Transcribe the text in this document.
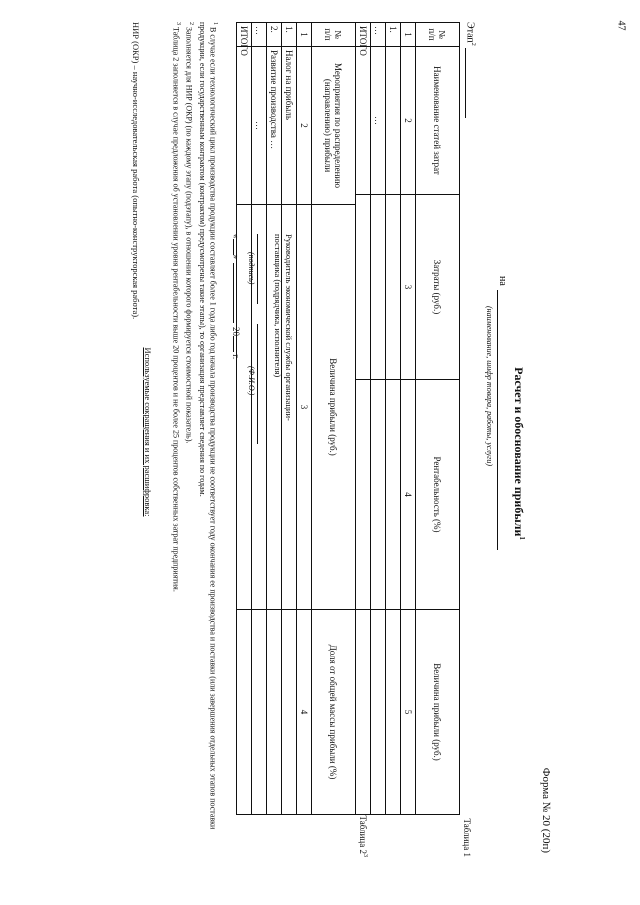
47
Форма № 20 (20п)
Расчет и обоснование прибыли$^1$
на
(наименование, шифр товара, работы, услуги)
Этап$^2$
Таблица 1
№ п/п	Наименование статей затрат	Затраты (руб.)	Рентабельность (%)	Величина прибыли (руб.)
1	2	3	4	5
1.				
…	…			
ИТОГО				
Таблица $2^3$
№ п/п	Мероприятия по распределению (направлению) прибыли	Величина прибыли (руб.)	Доля от общей массы прибыли (%)
1	2	3	4
1.	Налог на прибыль		
2.	Развитие производства …		
…	…		
ИТОГО			
Руководитель экономической службы организации-поставщика (подрядчика, исполнителя)
(подпись)
(Ф.И.О.)
«»20 г.

$^1$ В случае если технологический цикл производства продукции составляет более 1 года либо год начала производства продукции не соответствует году окончания ее производства и поставки (или завершения отдельных этапов поставки продукции, если государственным контрактом (контрактом) предусмотрены такие этапы), то организация представляет сведения по годам.

$^2$ Заполняется для НИР (ОКР) (по каждому этапу (подэтапу), в отношении которого формируется стоимостной показатель).

$^3$ Таблица 2 заполняется в случае предложения об установлении уровня рентабельности выше 20 процентов и не более 25 процентов собственных затрат предприятия.

Используемые сокращения и их расшифровка:
НИР (ОКР) – научно-исследовательская работа (опытно-конструкторская работа).
